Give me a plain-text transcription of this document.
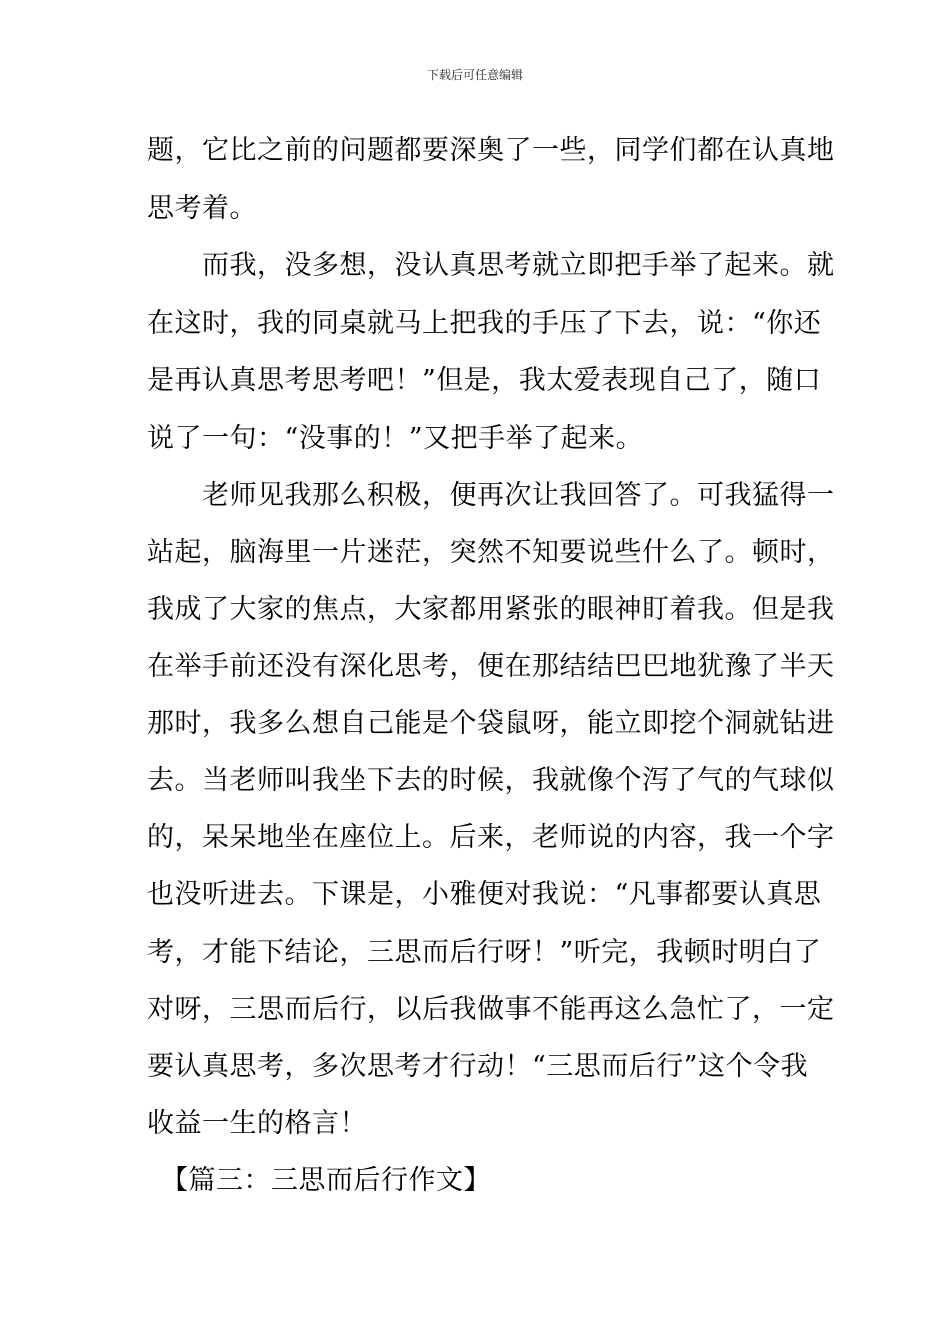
下载后可任意编辑
题，它比之前的问题都要深奥了一些，同学们都在认真地
思考着。
　　而我，没多想，没认真思考就立即把手举了起来。就
在这时，我的同桌就马上把我的手压了下去，说：“你还
是再认真思考思考吧！”但是，我太爱表现自己了，随口
说了一句：“没事的！”又把手举了起来。
　　老师见我那么积极，便再次让我回答了。可我猛得一
站起，脑海里一片迷茫，突然不知要说些什么了。顿时，
我成了大家的焦点，大家都用紧张的眼神盯着我。但是我
在举手前还没有深化思考，便在那结结巴巴地犹豫了半天
那时，我多么想自己能是个袋鼠呀，能立即挖个洞就钻进
去。当老师叫我坐下去的时候，我就像个泻了气的气球似
的，呆呆地坐在座位上。后来，老师说的内容，我一个字
也没听进去。下课是，小雅便对我说：“凡事都要认真思
考，才能下结论，三思而后行呀！”听完，我顿时明白了
对呀，三思而后行，以后我做事不能再这么急忙了，一定
要认真思考，多次思考才行动！“三思而后行”这个令我
收益一生的格言！
　【篇三：三思而后行作文】
